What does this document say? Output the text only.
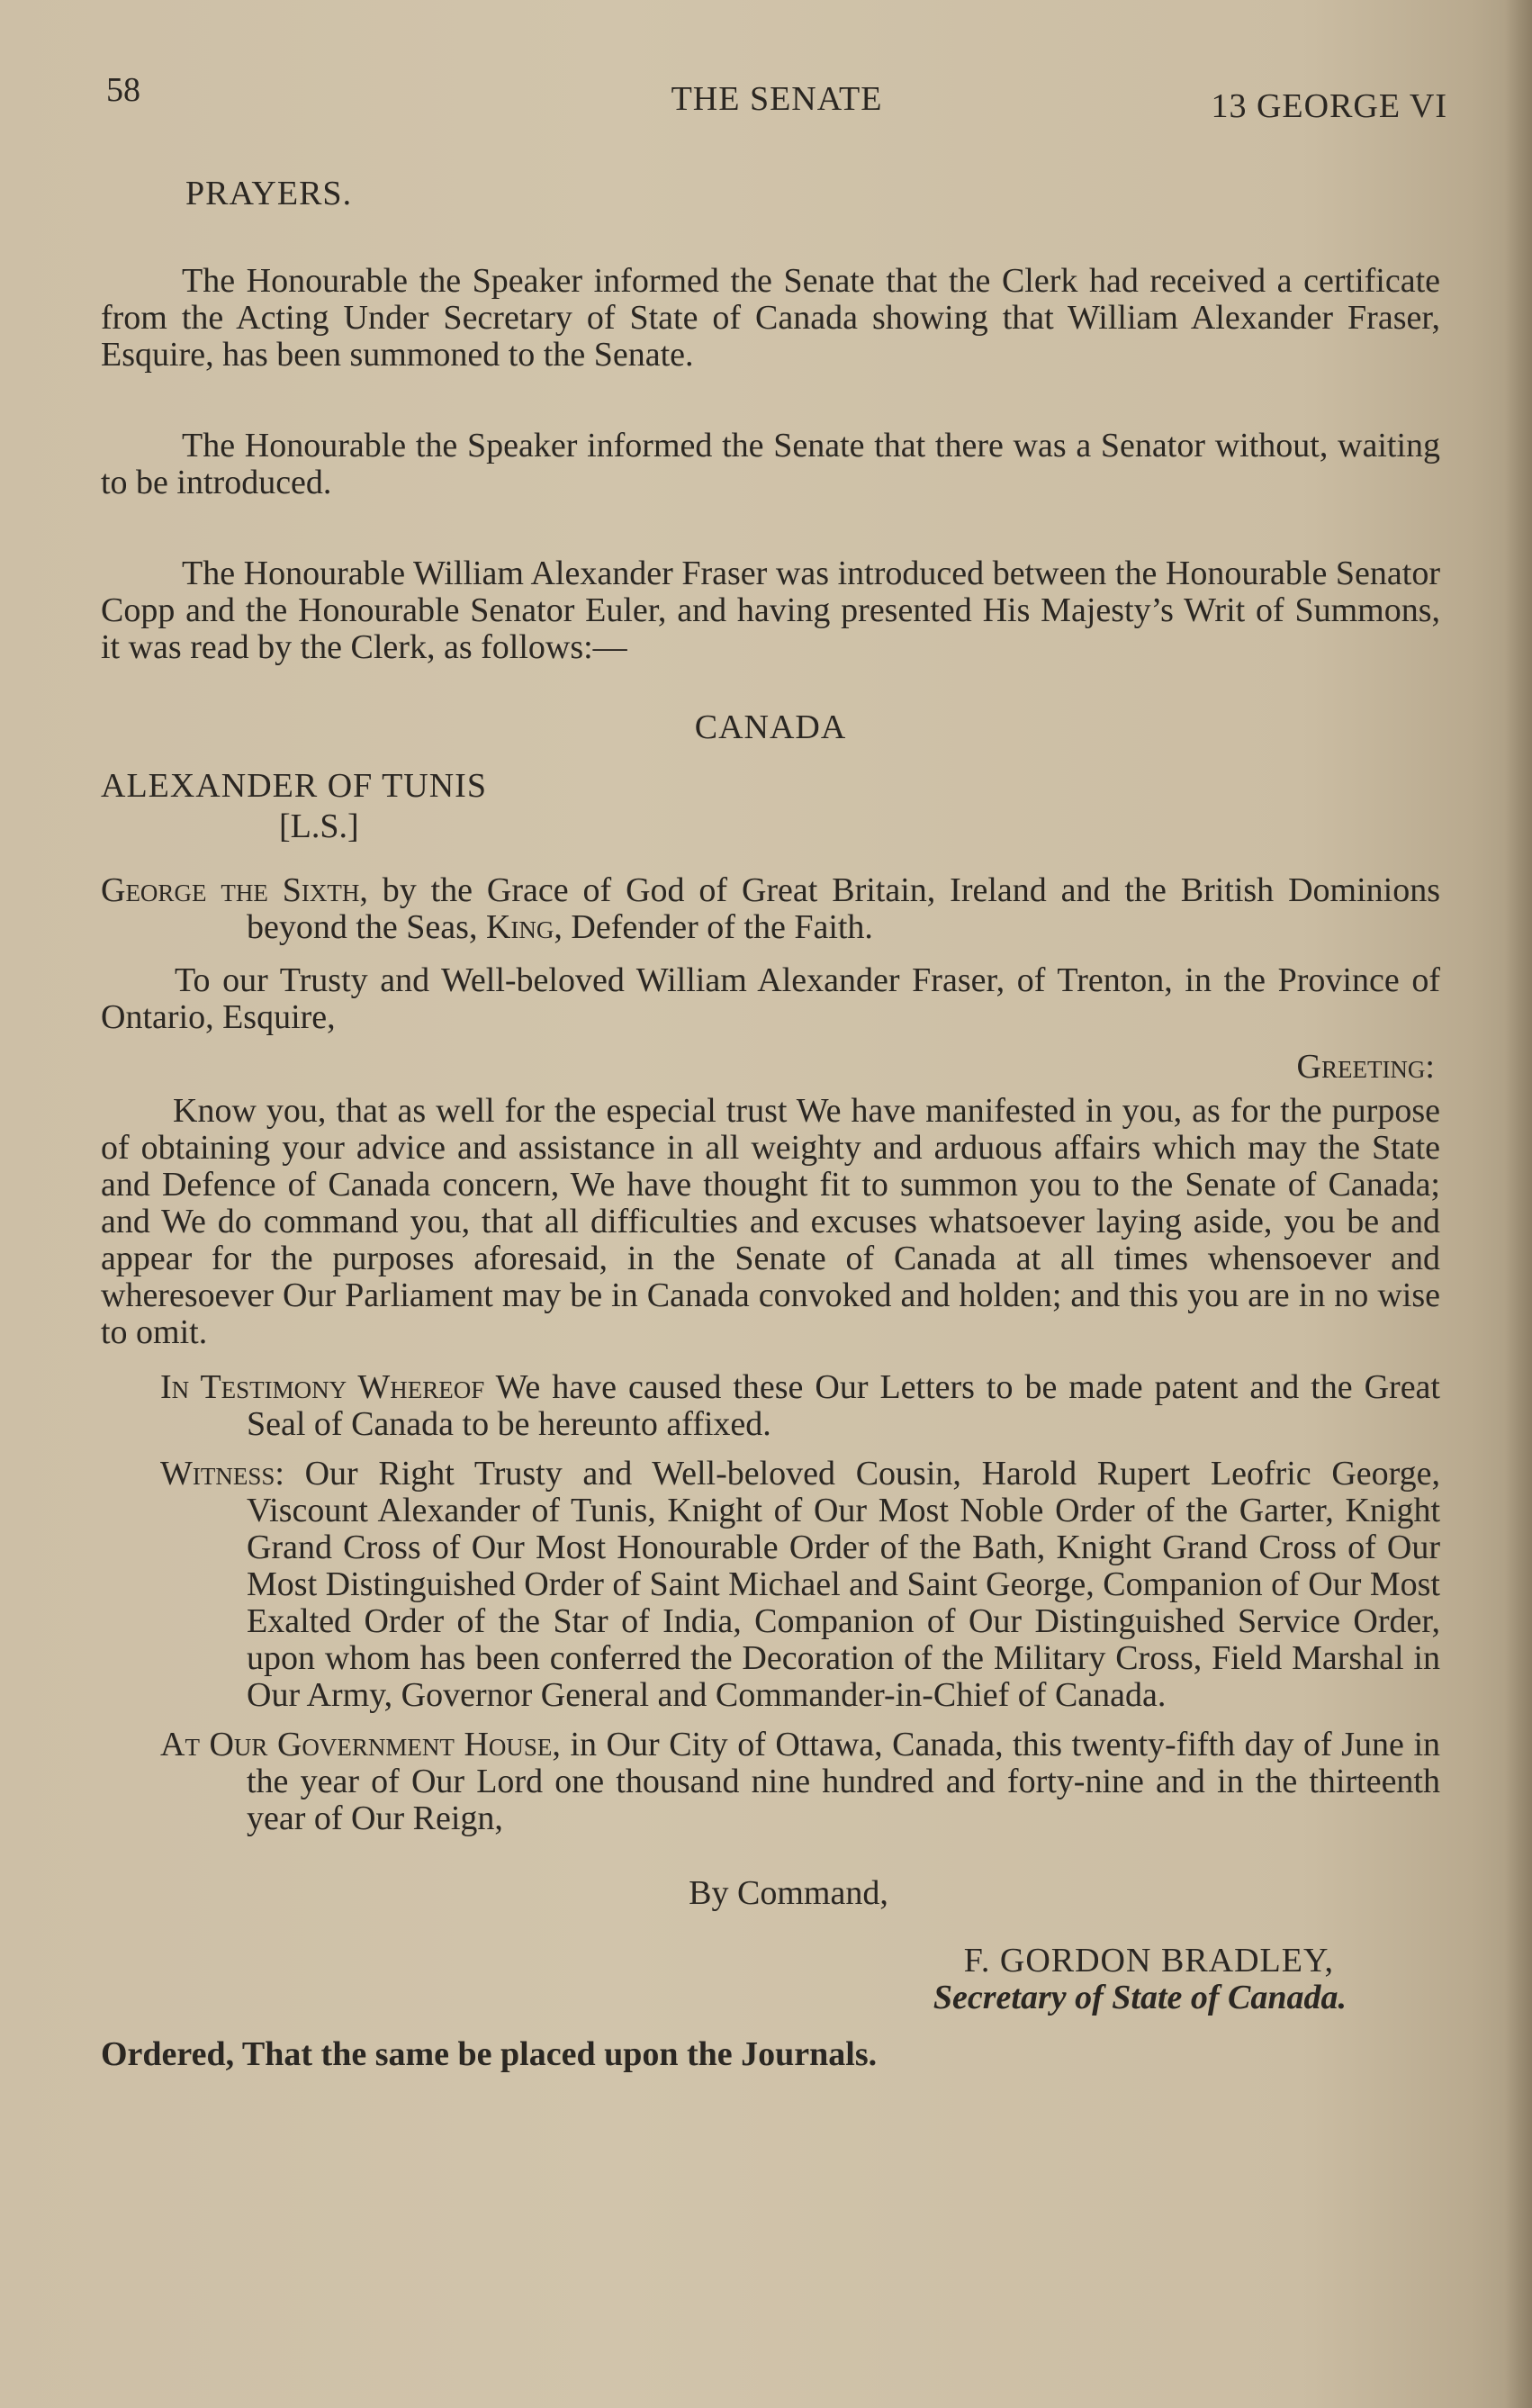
58	THE SENATE	13 GEORGE VI

PRAYERS.

The Honourable the Speaker informed the Senate that the Clerk had received a certificate from the Acting Under Secretary of State of Canada showing that William Alexander Fraser, Esquire, has been summoned to the Senate.

The Honourable the Speaker informed the Senate that there was a Senator without, waiting to be introduced.

The Honourable William Alexander Fraser was introduced between the Honourable Senator Copp and the Honourable Senator Euler, and having presented His Majesty’s Writ of Summons, it was read by the Clerk, as follows:—

CANADA

ALEXANDER OF TUNIS

[L.S.]

George the Sixth, by the Grace of God of Great Britain, Ireland and the British Dominions beyond the Seas, King, Defender of the Faith.

To our Trusty and Well-beloved William Alexander Fraser, of Trenton, in the Province of Ontario, Esquire,

Greeting:

Know you, that as well for the especial trust We have manifested in you, as for the purpose of obtaining your advice and assistance in all weighty and arduous affairs which may the State and Defence of Canada concern, We have thought fit to summon you to the Senate of Canada; and We do command you, that all difficulties and excuses whatsoever laying aside, you be and appear for the purposes aforesaid, in the Senate of Canada at all times whensoever and wheresoever Our Parliament may be in Canada convoked and holden; and this you are in no wise to omit.

In Testimony Whereof We have caused these Our Letters to be made patent and the Great Seal of Canada to be hereunto affixed.

Witness: Our Right Trusty and Well-beloved Cousin, Harold Rupert Leofric George, Viscount Alexander of Tunis, Knight of Our Most Noble Order of the Garter, Knight Grand Cross of Our Most Honourable Order of the Bath, Knight Grand Cross of Our Most Distinguished Order of Saint Michael and Saint George, Companion of Our Most Exalted Order of the Star of India, Companion of Our Distinguished Service Order, upon whom has been conferred the Decoration of the Military Cross, Field Marshal in Our Army, Governor General and Commander-in-Chief of Canada.

At Our Government House, in Our City of Ottawa, Canada, this twenty-fifth day of June in the year of Our Lord one thousand nine hundred and forty-nine and in the thirteenth year of Our Reign,

By Command,

F. GORDON BRADLEY,

Secretary of State of Canada.

Ordered, That the same be placed upon the Journals.
